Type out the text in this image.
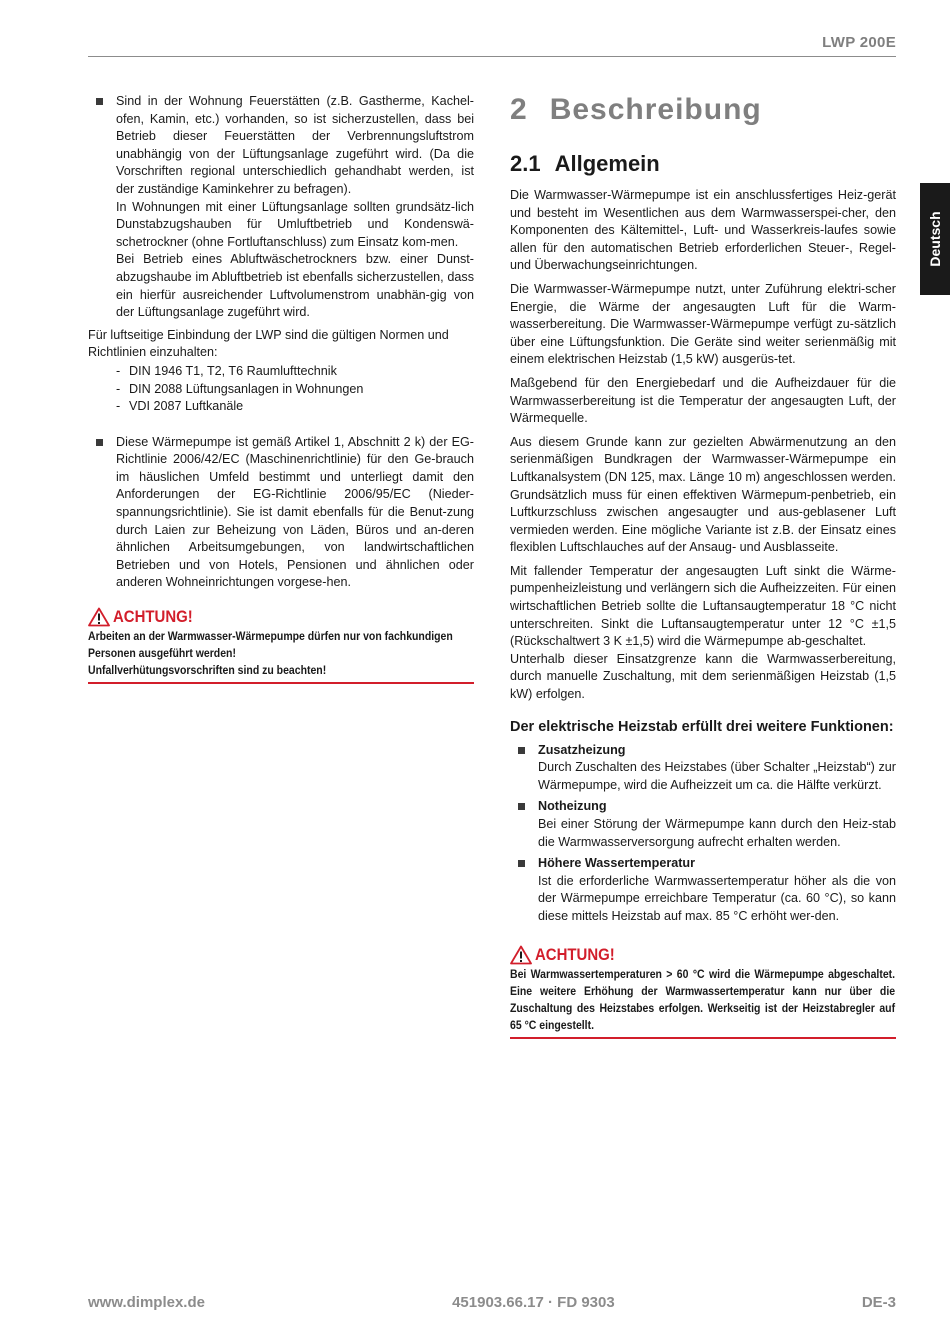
LWP 200E
Deutsch

Sind in der Wohnung Feuerstätten (z.B. Gastherme, Kachel-ofen, Kamin, etc.) vorhanden, so ist sicherzustellen, dass bei Betrieb dieser Feuerstätten der Verbrennungsluftstrom unabhängig von der Lüftungsanlage zugeführt wird. (Da die Vorschriften regional unterschiedlich gehandhabt werden, ist der zuständige Kaminkehrer zu befragen).

In Wohnungen mit einer Lüftungsanlage sollten grundsätz-lich Dunstabzugshauben für Umluftbetrieb und Kondenswä-schetrockner (ohne Fortluftanschluss) zum Einsatz kom-men.

Bei Betrieb eines Abluftwäschetrockners bzw. einer Dunst-abzugshaube im Abluftbetrieb ist ebenfalls sicherzustellen, dass ein hierfür ausreichender Luftvolumenstrom unabhän-gig von der Lüftungsanlage zugeführt wird.

Für luftseitige Einbindung der LWP sind die gültigen Normen und Richtlinien einzuhalten:

- DIN 1946 T1, T2, T6 Raumlufttechnik
- DIN 2088 Lüftungsanlagen in Wohnungen
- VDI 2087 Luftkanäle

Diese Wärmepumpe ist gemäß Artikel 1, Abschnitt 2 k) der EG-Richtlinie 2006/42/EC (Maschinenrichtlinie) für den Ge-brauch im häuslichen Umfeld bestimmt und unterliegt damit den Anforderungen der EG-Richtlinie 2006/95/EC (Nieder-spannungsrichtlinie). Sie ist damit ebenfalls für die Benut-zung durch Laien zur Beheizung von Läden, Büros und an-deren ähnlichen Arbeitsumgebungen, von landwirtschaftlichen Betrieben und von Hotels, Pensionen und ähnlichen oder anderen Wohneinrichtungen vorgese-hen.

ACHTUNG!

Arbeiten an der Warmwasser-Wärmepumpe dürfen nur von fachkundigen Personen ausgeführt werden!

Unfallverhütungsvorschriften sind zu beachten!

2 Beschreibung
2.1 Allgemein

Die Warmwasser-Wärmepumpe ist ein anschlussfertiges Heiz-gerät und besteht im Wesentlichen aus dem Warmwasserspei-cher, den Komponenten des Kältemittel-, Luft- und Wasserkreis-laufes sowie allen für den automatischen Betrieb erforderlichen Steuer-, Regel- und Überwachungseinrichtungen.

Die Warmwasser-Wärmepumpe nutzt, unter Zuführung elektri-scher Energie, die Wärme der angesaugten Luft für die Warm-wasserbereitung. Die Warmwasser-Wärmepumpe verfügt zu-sätzlich über eine Lüftungsfunktion. Die Geräte sind weiter serienmäßig mit einem elektrischen Heizstab (1,5 kW) ausgerüs-tet.

Maßgebend für den Energiebedarf und die Aufheizdauer für die Warmwasserbereitung ist die Temperatur der angesaugten Luft, der Wärmequelle.

Aus diesem Grunde kann zur gezielten Abwärmenutzung an den serienmäßigen Bundkragen der Warmwasser-Wärmepumpe ein Luftkanalsystem (DN 125, max. Länge 10 m) angeschlossen werden. Grundsätzlich muss für einen effektiven Wärmepum-penbetrieb, ein Luftkurzschluss zwischen angesaugter und aus-geblasener Luft vermieden werden. Eine mögliche Variante ist z.B. der Einsatz eines flexiblen Luftschlauches auf der Ansaug- und Ausblasseite.

Mit fallender Temperatur der angesaugten Luft sinkt die Wärme-pumpenheizleistung und verlängern sich die Aufheizzeiten. Für einen wirtschaftlichen Betrieb sollte die Luftansaugtemperatur 18 °C nicht unterschreiten. Sinkt die Luftansaugtemperatur unter 12 °C ±1,5 (Rückschaltwert 3 K ±1,5) wird die Wärmepumpe ab-geschaltet.

Unterhalb dieser Einsatzgrenze kann die Warmwasserbereitung, durch manuelle Zuschaltung, mit dem serienmäßigen Heizstab (1,5 kW) erfolgen.

Der elektrische Heizstab erfüllt drei weitere Funktionen:
Zusatzheizung

Durch Zuschalten des Heizstabes (über Schalter „Heizstab“) zur Wärmepumpe, wird die Aufheizzeit um ca. die Hälfte verkürzt.

Notheizung

Bei einer Störung der Wärmepumpe kann durch den Heiz-stab die Warmwasserversorgung aufrecht erhalten werden.

Höhere Wassertemperatur

Ist die erforderliche Warmwassertemperatur höher als die von der Wärmepumpe erreichbare Temperatur (ca. 60 °C), so kann diese mittels Heizstab auf max. 85 °C erhöht wer-den.

ACHTUNG!

Bei Warmwassertemperaturen > 60 °C wird die Wärmepumpe abgeschaltet. Eine weitere Erhöhung der Warmwassertemperatur kann nur über die Zuschaltung des Heizstabes erfolgen. Werkseitig ist der Heizstabregler auf 65 °C eingestellt.

www.dimplex.de	451903.66.17 · FD 9303	DE-3
